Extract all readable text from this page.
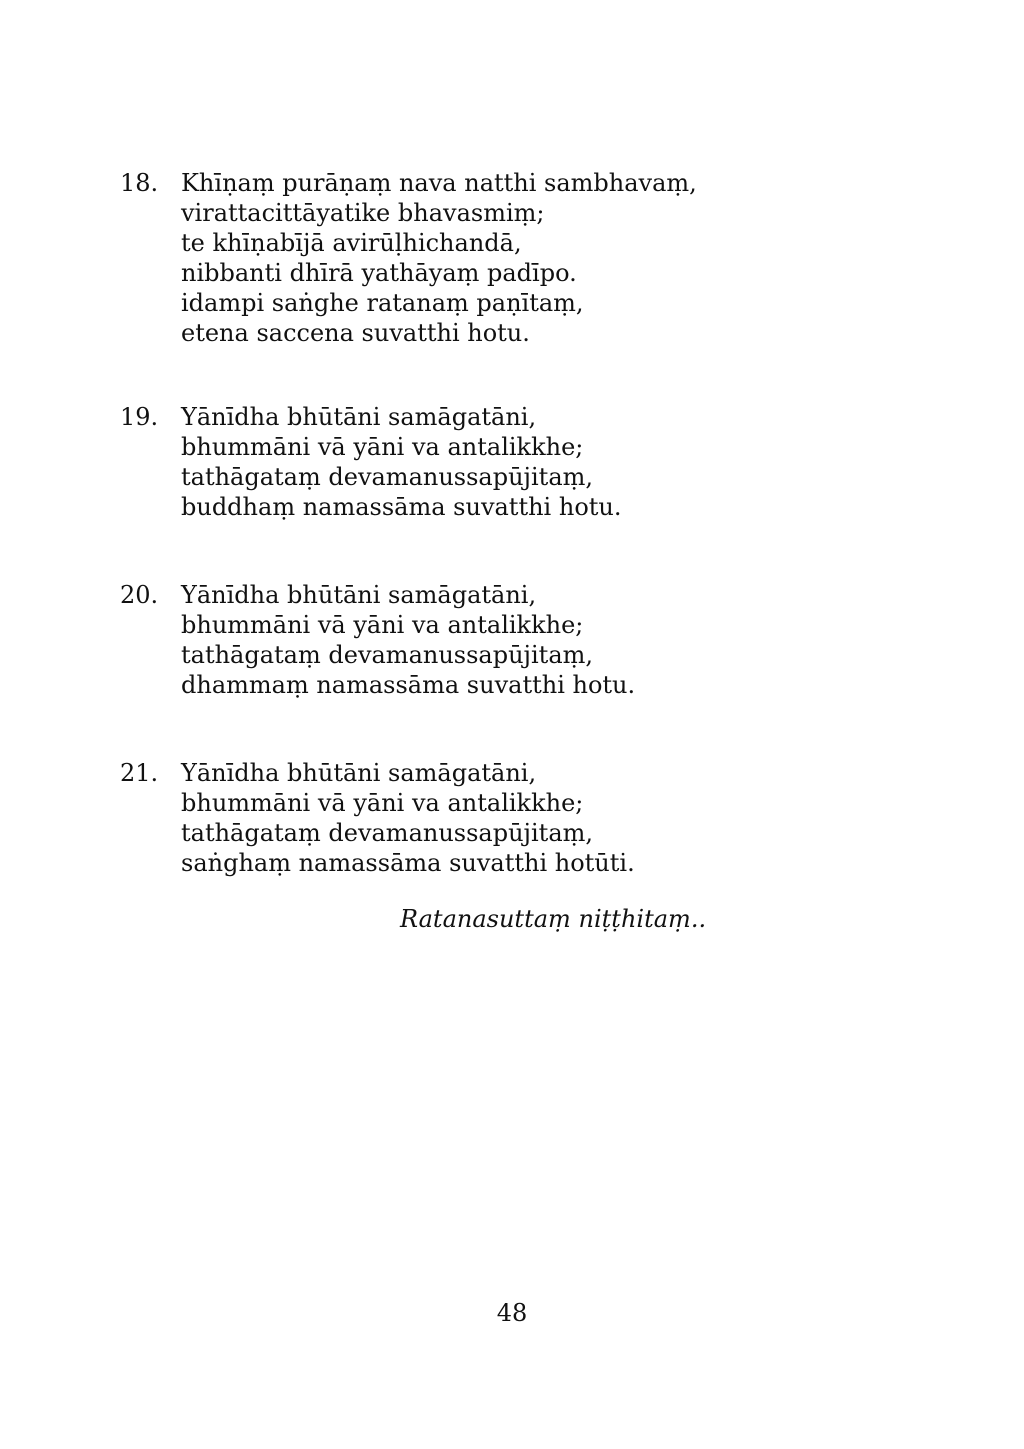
18. Khīṇaṃ purāṇaṃ nava natthi sambhavaṃ,
virattacittāyatike bhavasmiṃ;
te khīṇabījā avirūḷhichandā,
nibbanti dhīrā yathāyaṃ padīpo.
idampi saṅghe ratanaṃ paṇītaṃ,
etena saccena suvatthi hotu.
19. Yānīdha bhūtāni samāgatāni,
bhummāni vā yāni va antalikkhe;
tathāgataṃ devamanussapūjitaṃ,
buddhaṃ namassāma suvatthi hotu.
20. Yānīdha bhūtāni samāgatāni,
bhummāni vā yāni va antalikkhe;
tathāgataṃ devamanussapūjitaṃ,
dhammaṃ namassāma suvatthi hotu.
21. Yānīdha bhūtāni samāgatāni,
bhummāni vā yāni va antalikkhe;
tathāgataṃ devamanussapūjitaṃ,
saṅghaṃ namassāma suvatthi hotūti.
Ratanasuttaṃ niṭṭhitaṃ..
48
